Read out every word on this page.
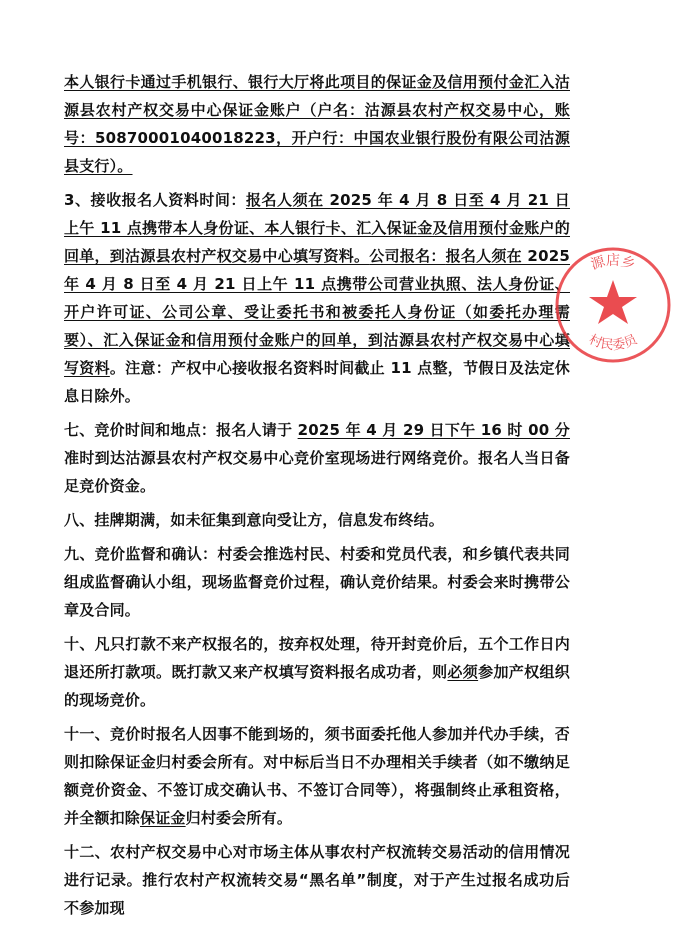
本人银行卡通过手机银行、银行大厅将此项目的保证金及信用预付金汇入沽源县农村产权交易中心保证金账户（户名：沽源县农村产权交易中心，账号：50870001040018223，开户行：中国农业银行股份有限公司沽源县支行）。

3、接收报名人资料时间：报名人须在 2025 年 4 月 8 日至 4 月 21 日上午 11 点携带本人身份证、本人银行卡、汇入保证金及信用预付金账户的回单，到沽源县农村产权交易中心填写资料。公司报名：报名人须在 2025 年 4 月 8 日至 4 月 21 日上午 11 点携带公司营业执照、法人身份证、开户许可证、公司公章、受让委托书和被委托人身份证（如委托办理需要）、汇入保证金和信用预付金账户的回单，到沽源县农村产权交易中心填写资料。注意：产权中心接收报名资料时间截止 11 点整，节假日及法定休息日除外。

七、竞价时间和地点：报名人请于 2025 年 4 月 29 日下午 16 时 00 分准时到达沽源县农村产权交易中心竞价室现场进行网络竞价。报名人当日备足竞价资金。

八、挂牌期满，如未征集到意向受让方，信息发布终结。

九、竞价监督和确认：村委会推选村民、村委和党员代表，和乡镇代表共同组成监督确认小组，现场监督竞价过程，确认竞价结果。村委会来时携带公章及合同。

十、凡只打款不来产权报名的，按弃权处理，待开封竞价后，五个工作日内退还所打款项。既打款又来产权填写资料报名成功者，则必须参加产权组织的现场竞价。

十一、竞价时报名人因事不能到场的，须书面委托他人参加并代办手续，否则扣除保证金归村委会所有。对中标后当日不办理相关手续者（如不缴纳足额竞价资金、不签订成交确认书、不签订合同等），将强制终止承租资格，并全额扣除保证金归村委会所有。

十二、农村产权交易中心对市场主体从事农村产权流转交易活动的信用情况进行记录。推行农村产权流转交易“黑名单”制度，对于产生过报名成功后不参加现

源店乡
村民委员
